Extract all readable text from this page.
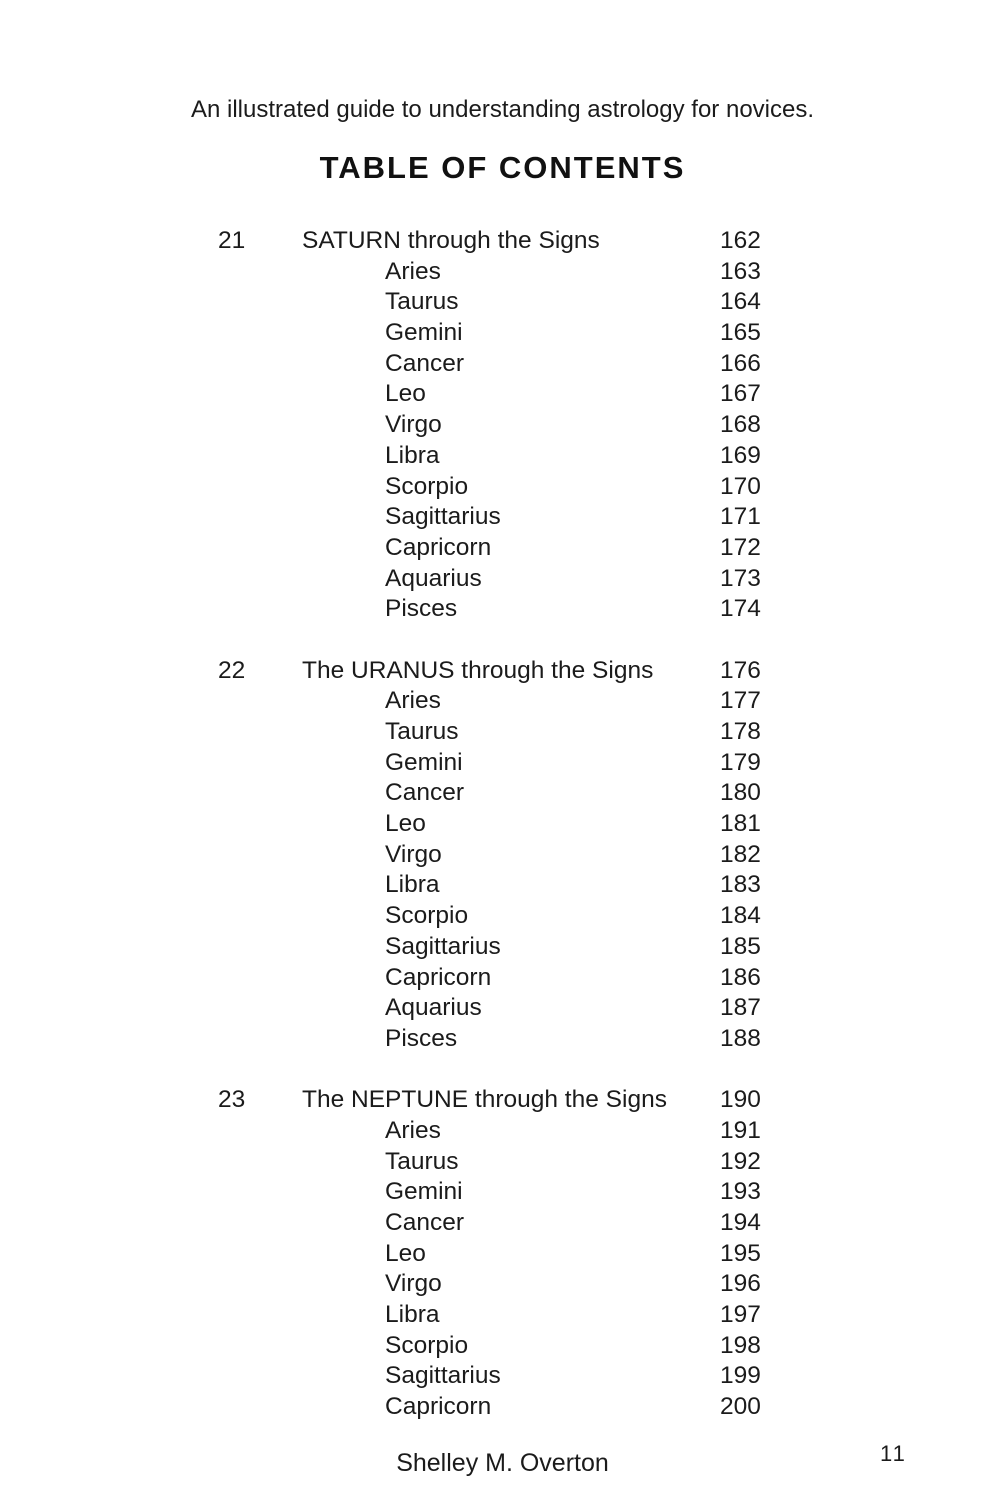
An illustrated guide to understanding astrology for novices.
TABLE OF CONTENTS
21	SATURN through the Signs	162
Aries	163
Taurus	164
Gemini	165
Cancer	166
Leo	167
Virgo	168
Libra	169
Scorpio	170
Sagittarius	171
Capricorn	172
Aquarius	173
Pisces	174
22	The URANUS through the Signs	176
Aries	177
Taurus	178
Gemini	179
Cancer	180
Leo	181
Virgo	182
Libra	183
Scorpio	184
Sagittarius	185
Capricorn	186
Aquarius	187
Pisces	188
23	The NEPTUNE through the Signs	190
Aries	191
Taurus	192
Gemini	193
Cancer	194
Leo	195
Virgo	196
Libra	197
Scorpio	198
Sagittarius	199
Capricorn	200
Shelley M. Overton	11
